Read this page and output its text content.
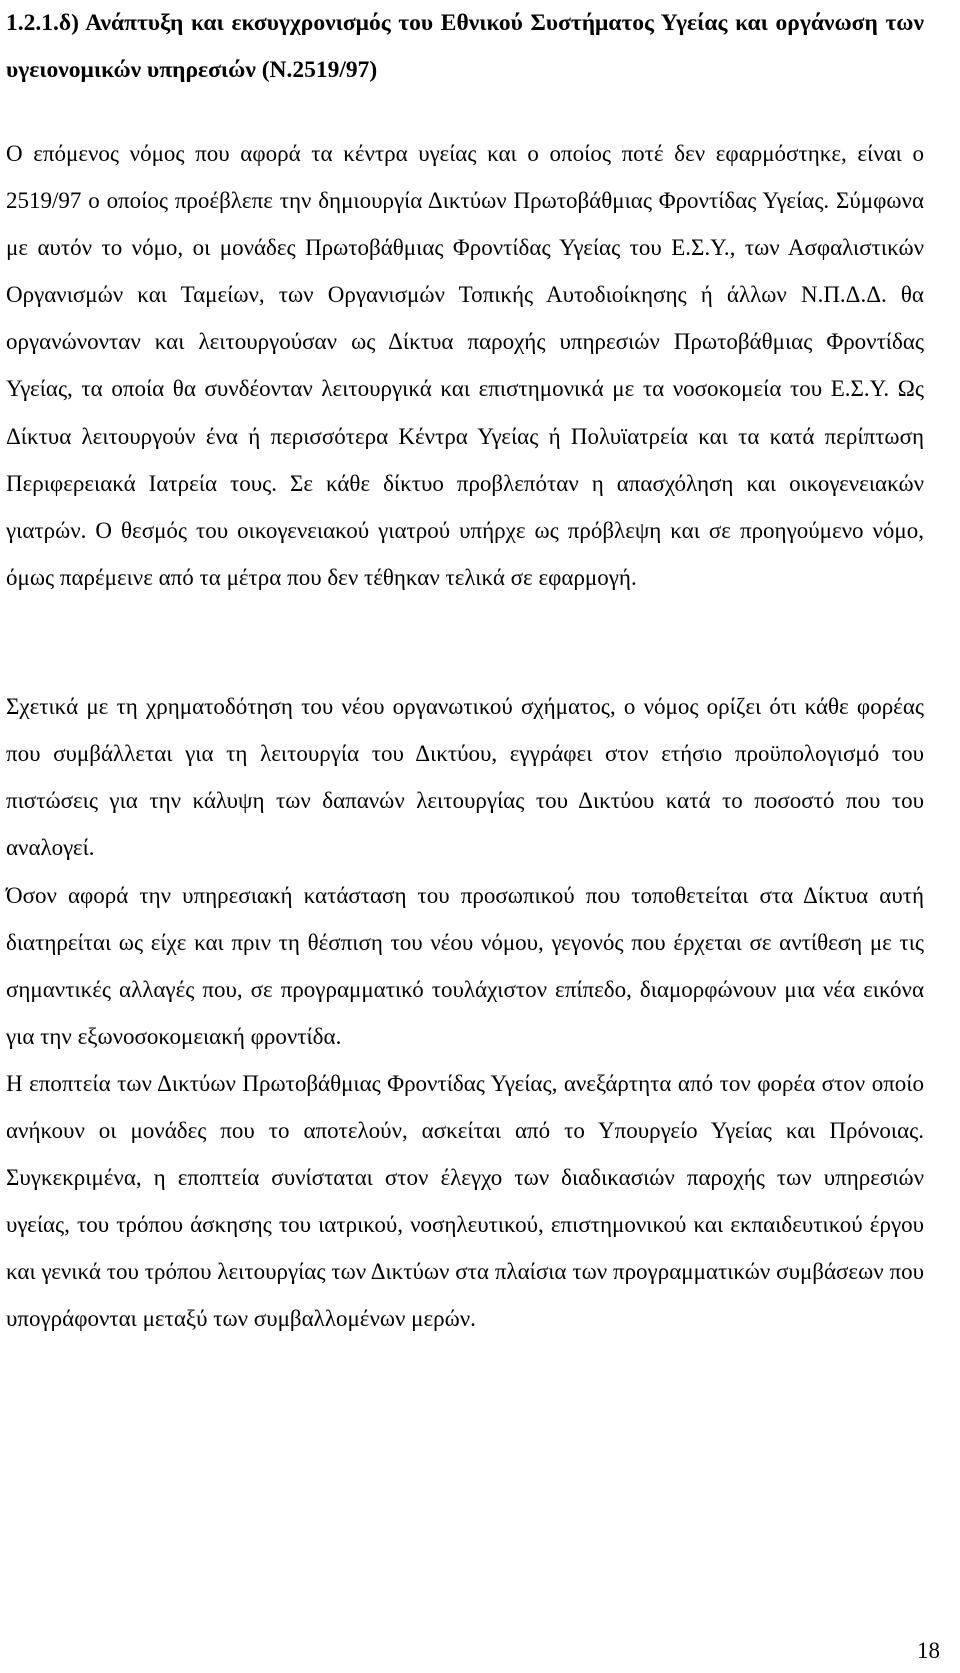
1.2.1.δ) Ανάπτυξη και εκσυγχρονισμός του Εθνικού Συστήματος Υγείας και οργάνωση των υγειονομικών υπηρεσιών (Ν.2519/97)

Ο επόμενος νόμος που αφορά τα κέντρα υγείας και ο οποίος ποτέ δεν εφαρμόστηκε, είναι ο 2519/97 ο οποίος προέβλεπε την δημιουργία Δικτύων Πρωτοβάθμιας Φροντίδας Υγείας. Σύμφωνα με αυτόν το νόμο, οι μονάδες Πρωτοβάθμιας Φροντίδας Υγείας του Ε.Σ.Υ., των Ασφαλιστικών Οργανισμών και Ταμείων, των Οργανισμών Τοπικής Αυτοδιοίκησης ή άλλων Ν.Π.Δ.Δ. θα οργανώνονταν και λειτουργούσαν ως Δίκτυα παροχής υπηρεσιών Πρωτοβάθμιας Φροντίδας Υγείας, τα οποία θα συνδέονταν λειτουργικά και επιστημονικά με τα νοσοκομεία του Ε.Σ.Υ. Ως Δίκτυα λειτουργούν ένα ή περισσότερα Κέντρα Υγείας ή Πολυϊατρεία και τα κατά περίπτωση Περιφερειακά Ιατρεία τους. Σε κάθε δίκτυο προβλεπόταν η απασχόληση και οικογενειακών γιατρών. Ο θεσμός του οικογενειακού γιατρού υπήρχε ως πρόβλεψη και σε προηγούμενο νόμο, όμως παρέμεινε από τα μέτρα που δεν τέθηκαν τελικά σε εφαρμογή.

Σχετικά με τη χρηματοδότηση του νέου οργανωτικού σχήματος, ο νόμος ορίζει ότι κάθε φορέας που συμβάλλεται για τη λειτουργία του Δικτύου, εγγράφει στον ετήσιο προϋπολογισμό του πιστώσεις για την κάλυψη των δαπανών λειτουργίας του Δικτύου κατά το ποσοστό που του αναλογεί.

Όσον αφορά την υπηρεσιακή κατάσταση του προσωπικού που τοποθετείται στα Δίκτυα αυτή διατηρείται ως είχε και πριν τη θέσπιση του νέου νόμου, γεγονός που έρχεται σε αντίθεση με τις σημαντικές αλλαγές που, σε προγραμματικό τουλάχιστον επίπεδο, διαμορφώνουν μια νέα εικόνα για την εξωνοσοκομειακή φροντίδα.

Η εποπτεία των Δικτύων Πρωτοβάθμιας Φροντίδας Υγείας, ανεξάρτητα από τον φορέα στον οποίο ανήκουν οι μονάδες που το αποτελούν, ασκείται από το Υπουργείο Υγείας και Πρόνοιας. Συγκεκριμένα, η εποπτεία συνίσταται στον έλεγχο των διαδικασιών παροχής των υπηρεσιών υγείας, του τρόπου άσκησης του ιατρικού, νοσηλευτικού, επιστημονικού και εκπαιδευτικού έργου και γενικά του τρόπου λειτουργίας των Δικτύων στα πλαίσια των προγραμματικών συμβάσεων που υπογράφονται μεταξύ των συμβαλλομένων μερών.

18
